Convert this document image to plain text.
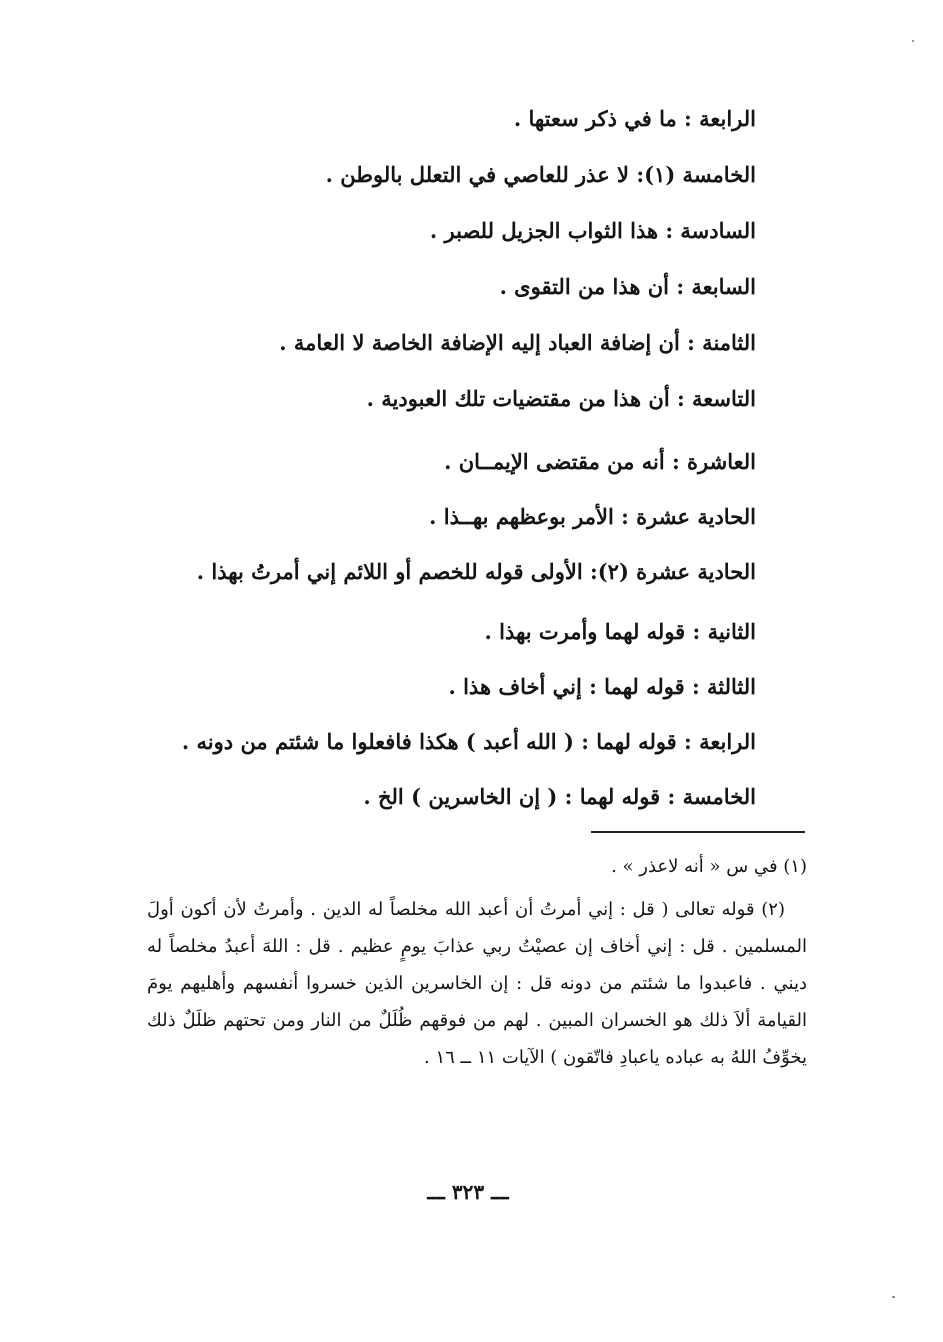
الرابعة : ما في ذكر سعتها .
الخامسة (١): لا عذر للعاصي في التعلل بالوطن .
السادسة : هذا الثواب الجزيل للصبر .
السابعة : أن هذا من التقوى .
الثامنة : أن إضافة العباد إليه الإضافة الخاصة لا العامة .
التاسعة : أن هذا من مقتضيات تلك العبودية .
العاشرة : أنه من مقتضى الإيمــان .
الحادية عشرة : الأمر بوعظهم بهــذا .
الحادية عشرة (٢): الأولى قوله للخصم أو اللائم إني أمرتُ بهذا .
الثانية : قوله لهما وأمرت بهذا .
الثالثة : قوله لهما : إني أخاف هذا .
الرابعة : قوله لهما : ( الله أعبد ) هكذا فافعلوا ما شئتم من دونه .
الخامسة : قوله لهما : ( إن الخاسرين ) الخ .

(١) في س « أنه لاعذر » .

(٢) قوله تعالى ( قل : إني أمرتُ أن أعبد الله مخلصاً له الدين . وأمرتُ لأن أكون أولَ المسلمين . قل : إني أخاف إن عصيْتُ ربي عذابَ يومٍ عظيم . قل : اللهَ أعبدُ مخلصاً له ديني . فاعبدوا ما شئتم من دونه قل : إن الخاسرين الذين خسروا أنفسهم وأهليهم يومَ القيامة ألاَ ذلك هو الخسران المبين . لهم من فوقهم ظُلَلٌ من النار ومن تحتهم ظلَلٌ ذلك يخوِّفُ اللهُ به عباده ياعبادِ فاتّقون ) الآيات ١١ ــ ١٦ .

ـــ ٣٢٣ ـــ
